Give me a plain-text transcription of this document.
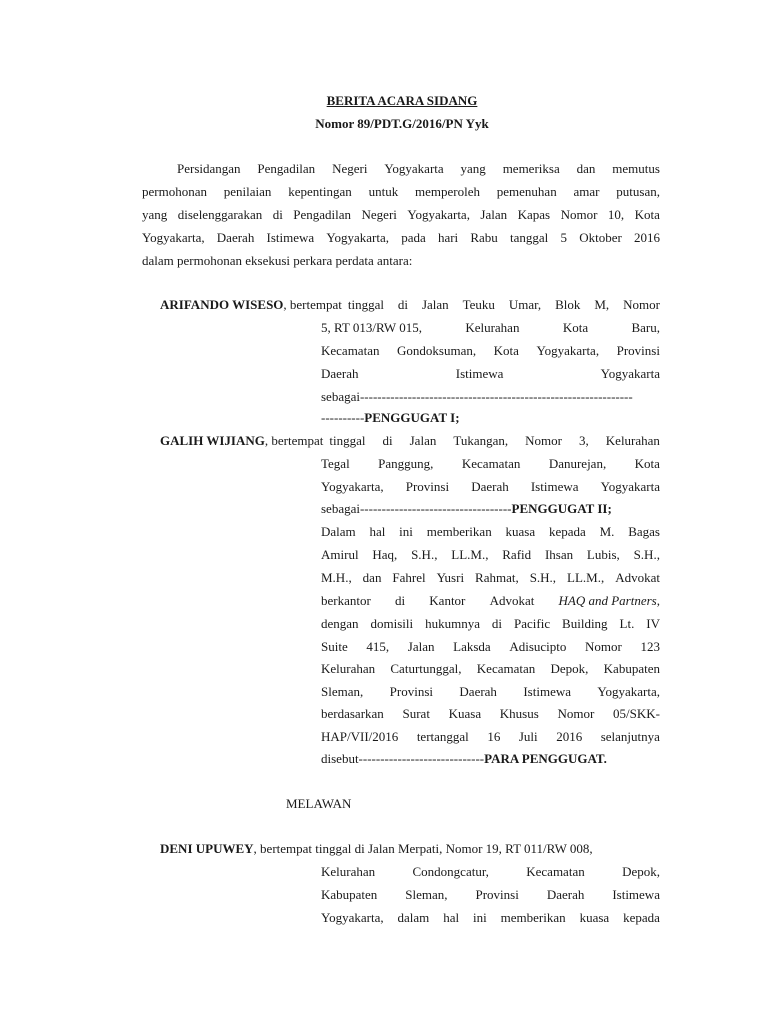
BERITA ACARA SIDANG
Nomor 89/PDT.G/2016/PN Yyk
Persidangan Pengadilan Negeri Yogyakarta yang memeriksa dan memutus
permohonan penilaian kepentingan untuk memperoleh pemenuhan amar putusan,
yang diselenggarakan di Pengadilan Negeri Yogyakarta, Jalan Kapas Nomor 10, Kota
Yogyakarta, Daerah Istimewa Yogyakarta, pada hari Rabu tanggal 5 Oktober 2016
dalam permohonan eksekusi perkara perdata antara:
ARIFANDO WISESO, bertempat tinggal di Jalan Teuku Umar, Blok M, Nomor
5, RT 013/RW 015,	Kelurahan	Kota	Baru,
Kecamatan Gondoksuman, Kota Yogyakarta, Provinsi
Daerah	Istimewa	Yogyakarta
sebagai---------------------------------------------------------------
----------PENGGUGAT I;
GALIH WIJIANG, bertempat tinggal di Jalan Tukangan, Nomor 3, Kelurahan
Tegal Panggung, Kecamatan Danurejan, Kota
Yogyakarta, Provinsi Daerah Istimewa Yogyakarta
sebagai-----------------------------------PENGGUGAT II;
Dalam hal ini memberikan kuasa kepada M. Bagas
Amirul Haq, S.H., LL.M., Rafid Ihsan Lubis, S.H.,
M.H., dan Fahrel Yusri Rahmat, S.H., LL.M., Advokat
berkantor di Kantor Advokat HAQ and Partners,
dengan domisili hukumnya di Pacific Building Lt. IV
Suite 415, Jalan Laksda Adisucipto Nomor 123
Kelurahan Caturtunggal, Kecamatan Depok, Kabupaten
Sleman, Provinsi Daerah Istimewa Yogyakarta,
berdasarkan Surat Kuasa Khusus Nomor 05/SKK-
HAP/VII/2016 tertanggal 16 Juli 2016 selanjutnya
disebut-----------------------------PARA PENGGUGAT.
MELAWAN
DENI UPUWEY, bertempat tinggal di Jalan Merpati, Nomor 19, RT 011/RW 008,
Kelurahan	Condongcatur,	Kecamatan	Depok,
Kabupaten Sleman, Provinsi Daerah Istimewa
Yogyakarta, dalam hal ini memberikan kuasa kepada
